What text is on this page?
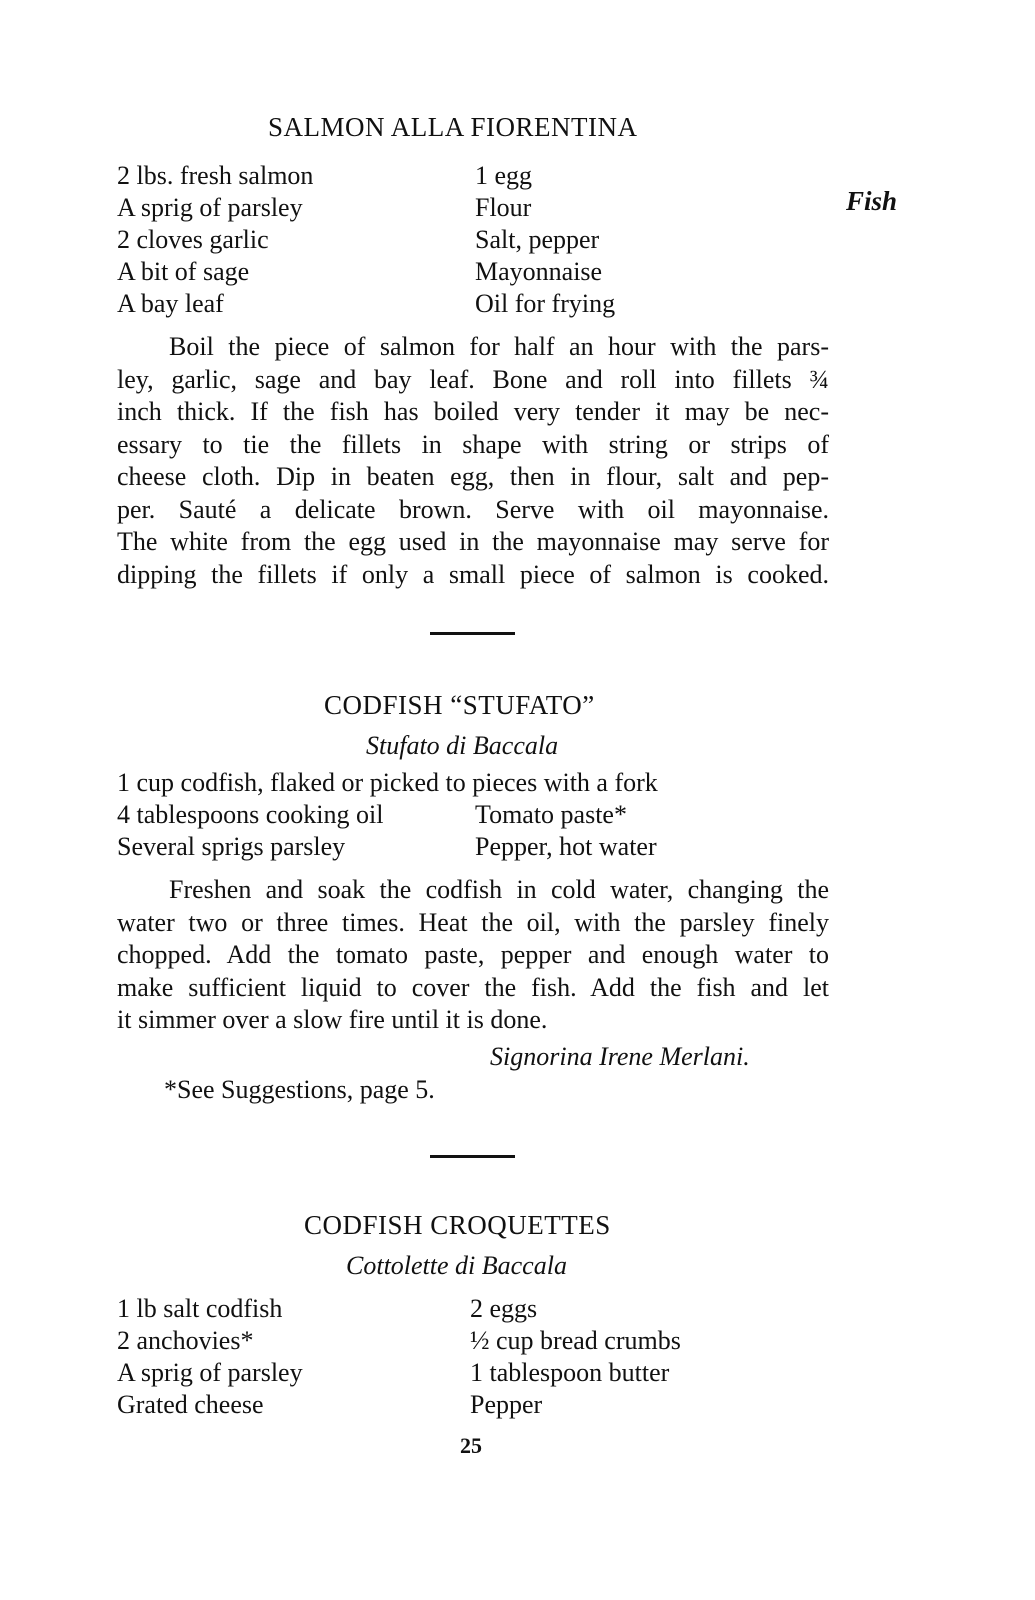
SALMON ALLA FIORENTINA
Fish
2 lbs. fresh salmon
A sprig of parsley
2 cloves garlic
A bit of sage
A bay leaf
1 egg
Flour
Salt, pepper
Mayonnaise
Oil for frying
Boil the piece of salmon for half an hour with the pars-
ley, garlic, sage and bay leaf. Bone and roll into fillets ¾
inch thick. If the fish has boiled very tender it may be nec-
essary to tie the fillets in shape with string or strips of
cheese cloth. Dip in beaten egg, then in flour, salt and pep-
per. Sauté a delicate brown. Serve with oil mayonnaise.
The white from the egg used in the mayonnaise may serve for
dipping the fillets if only a small piece of salmon is cooked.
CODFISH “STUFATO”
Stufato di Baccala
1 cup codfish, flaked or picked to pieces with a fork
4 tablespoons cooking oil
Several sprigs parsley
Tomato paste*
Pepper, hot water
Freshen and soak the codfish in cold water, changing the
water two or three times. Heat the oil, with the parsley finely
chopped. Add the tomato paste, pepper and enough water to
make sufficient liquid to cover the fish. Add the fish and let
it simmer over a slow fire until it is done.
Signorina Irene Merlani.
*See Suggestions, page 5.
CODFISH CROQUETTES
Cottolette di Baccala
1 lb salt codfish
2 anchovies*
A sprig of parsley
Grated cheese
2 eggs
½ cup bread crumbs
1 tablespoon butter
Pepper
25
